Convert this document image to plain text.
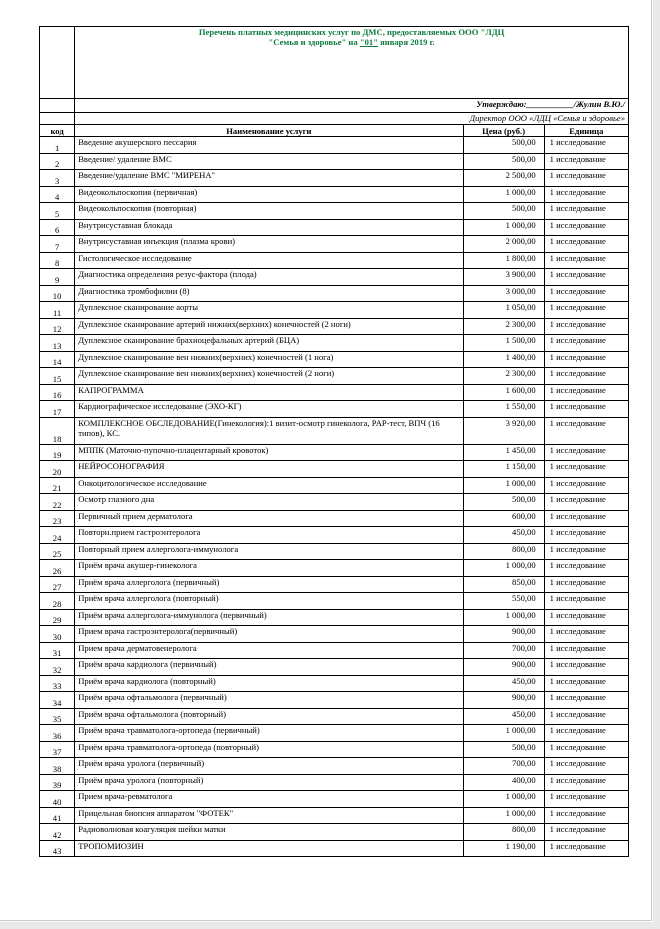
	Перечень платных медицинских услуг по ДМС, предоставляемых ООО "ЛДЦ
"Семья и здоровье" на "01" января 2019 г.		

	Утверждаю:___________/Жулин В.Ю./		
	Директор ООО «ЛДЦ «Семья и здоровье»		
код	Наименование услуги	Цена (руб.)	Единица
1	Введение акушерского пессария	500,00	1 исследование
2	Введение/ удаление ВМС	500,00	1 исследование
3	Введение/удаление ВМС "МИРЕНА"	2 500,00	1 исследование
4	Видеокольпоскопия (первичная)	1 000,00	1 исследование
5	Видеокольпоскопия (повторная)	500,00	1 исследование
6	Внутрисуставная блокада	1 000,00	1 исследование
7	Внутрисуставная инъекция (плазма крови)	2 000,00	1 исследование
8	Гистологическое исследование	1 800,00	1 исследование
9	Диагностика определения резус-фактора (плода)	3 900,00	1 исследование
10	Диагностика тромбофилии (8)	3 000,00	1 исследование
11	Дуплексное сканирование аорты	1 050,00	1 исследование
12	Дуплексное сканирование артерий нижних(верхних) конечностей (2 ноги)	2 300,00	1 исследование
13	Дуплексное сканирование брахиоцефальных артерий (БЦА)	1 500,00	1 исследование
14	Дуплексное сканирование вен нижних(верхних) конечностей (1 нога)	1 400,00	1 исследование
15	Дуплексное сканирование вен нижних(верхних) конечностей (2 ноги)	2 300,00	1 исследование
16	КАПРОГРАММА	1 600,00	1 исследование
17	Кардиографическое исследование (ЭХО-КГ)	1 550,00	1 исследование
18	КОМПЛЕКСНОЕ ОБСЛЕДОВАНИЕ(Гинекология):1 визит-осмотр гинеколога, PAP-тест, ВПЧ (16 типов), КС.	3 920,00	1 исследование
19	МППК (Маточно-пупочно-плацентарный кровоток)	1 450,00	1 исследование
20	НЕЙРОСОНОГРАФИЯ	1 150,00	1 исследование
21	Онкоцитологическое исследование	1 000,00	1 исследование
22	Осмотр глазного дна	500,00	1 исследование
23	Первичный прием дерматолога	600,00	1 исследование
24	Повторн.прием гастроэнтеролога	450,00	1 исследование
25	Повторный прием аллерголога-иммунолога	800,00	1 исследование
26	Приём врача акушер-гинеколога	1 000,00	1 исследование
27	Приём врача аллерголога (первичный)	850,00	1 исследование
28	Приём врача аллерголога (повторный)	550,00	1 исследование
29	Приём врача аллерголога-иммунолога (первичный)	1 000,00	1 исследование
30	Прием врача гастроэнтеролога(первичный)	900,00	1 исследование
31	Прием врача дерматовенеролога	700,00	1 исследование
32	Приём врача кардиолога (первичный)	900,00	1 исследование
33	Приём врача кардиолога (повторный)	450,00	1 исследование
34	Приём врача офтальмолога (первичный)	900,00	1 исследование
35	Приём врача офтальмолога (повторный)	450,00	1 исследование
36	Приём врача травматолога-ортопеда (первичный)	1 000,00	1 исследование
37	Приём врача травматолога-ортопеда (повторный)	500,00	1 исследование
38	Приём врача уролога (первичный)	700,00	1 исследование
39	Приём врача уролога (повторный)	400,00	1 исследование
40	Прием врача-ревматолога	1 000,00	1 исследование
41	Прицельная биопсия аппаратом "ФОТЕК"	1 000,00	1 исследование
42	Радиоволновая коагуляция шейки матки	800,00	1 исследование
43	ТРОПОМИОЗИН	1 190,00	1 исследование
